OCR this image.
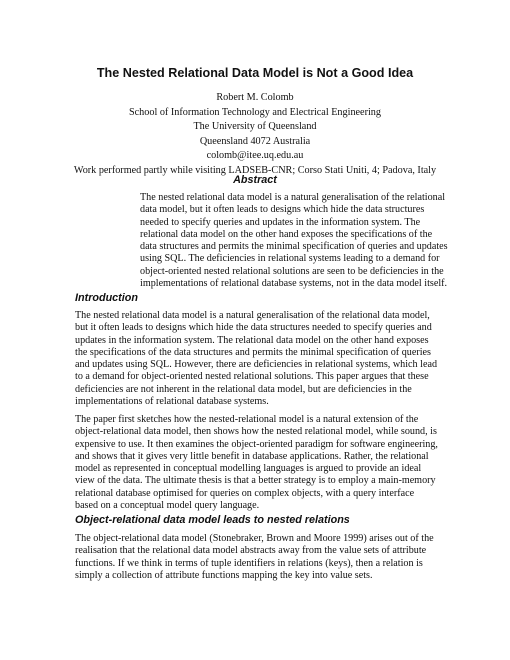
The Nested Relational Data Model is Not a Good Idea
Robert M. Colomb
School of Information Technology and Electrical Engineering
The University of Queensland
Queensland 4072 Australia
colomb@itee.uq.edu.au
Work performed partly while visiting LADSEB-CNR; Corso Stati Uniti, 4; Padova, Italy
Abstract
The nested relational data model is a natural generalisation of the relational
data model, but it often leads to designs which hide the data structures
needed to specify queries and updates in the information system. The
relational data model on the other hand exposes the specifications of the
data structures and permits the minimal specification of queries and updates
using SQL. The deficiencies in relational systems leading to a demand for
object-oriented nested relational solutions are seen to be deficiencies in the
implementations of relational database systems, not in the data model itself.
Introduction
The nested relational data model is a natural generalisation of the relational data model,
but it often leads to designs which hide the data structures needed to specify queries and
updates in the information system. The relational data model on the other hand exposes
the specifications of the data structures and permits the minimal specification of queries
and updates using SQL. However, there are deficiencies in relational systems, which lead
to a demand for object-oriented nested relational solutions. This paper argues that these
deficiencies are not inherent in the relational data model, but are deficiencies in the
implementations of relational database systems.
The paper first sketches how the nested-relational model is a natural extension of the
object-relational data model, then shows how the nested relational model, while sound, is
expensive to use. It then examines the object-oriented paradigm for software engineering,
and shows that it gives very little benefit in database applications. Rather, the relational
model as represented in conceptual modelling languages is argued to provide an ideal
view of the data. The ultimate thesis is that a better strategy is to employ a main-memory
relational database optimised for queries on complex objects, with a query interface
based on a conceptual model query language.
Object-relational data model leads to nested relations
The object-relational data model (Stonebraker, Brown and Moore 1999) arises out of the
realisation that the relational data model abstracts away from the value sets of attribute
functions. If we think in terms of tuple identifiers in relations (keys), then a relation is
simply a collection of attribute functions mapping the key into value sets.
